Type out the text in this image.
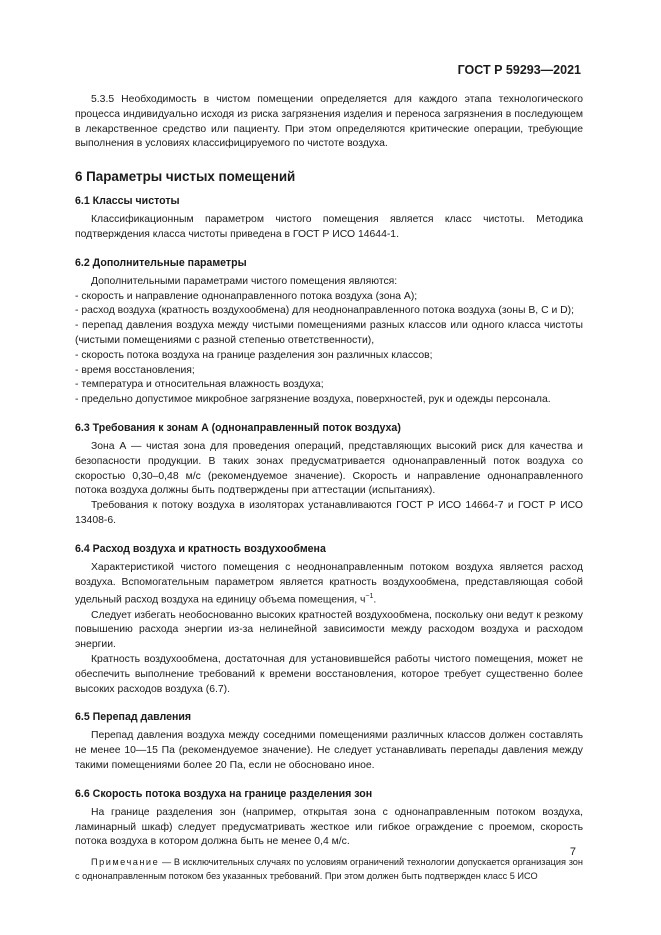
ГОСТ Р 59293—2021

5.3.5 Необходимость в чистом помещении определяется для каждого этапа технологического процесса индивидуально исходя из риска загрязнения изделия и переноса загрязнения в последующем в лекарственное средство или пациенту. При этом определяются критические операции, требующие выполнения в условиях классифицируемого по чистоте воздуха.

6 Параметры чистых помещений
6.1 Классы чистоты

Классификационным параметром чистого помещения является класс чистоты. Методика подтверждения класса чистоты приведена в ГОСТ Р ИСО 14644-1.

6.2 Дополнительные параметры

Дополнительными параметрами чистого помещения являются:

- скорость и направление однонаправленного потока воздуха (зона А);
- расход воздуха (кратность воздухообмена) для неоднонаправленного потока воздуха (зоны В, С и D);
- перепад давления воздуха между чистыми помещениями разных классов или одного класса чистоты (чистыми помещениями с разной степенью ответственности),
- скорость потока воздуха на границе разделения зон различных классов;
- время восстановления;
- температура и относительная влажность воздуха;
- предельно допустимое микробное загрязнение воздуха, поверхностей, рук и одежды персонала.
6.3 Требования к зонам А (однонаправленный поток воздуха)

Зона А — чистая зона для проведения операций, представляющих высокий риск для качества и безопасности продукции. В таких зонах предусматривается однонаправленный поток воздуха со скоростью 0,30–0,48 м/с (рекомендуемое значение). Скорость и направление однонаправленного потока воздуха должны быть подтверждены при аттестации (испытаниях).

Требования к потоку воздуха в изоляторах устанавливаются ГОСТ Р ИСО 14664-7 и ГОСТ Р ИСО 13408-6.

6.4 Расход воздуха и кратность воздухообмена

Характеристикой чистого помещения с неоднонаправленным потоком воздуха является расход воздуха. Вспомогательным параметром является кратность воздухообмена, представляющая собой удельный расход воздуха на единицу объема помещения, $ч^{-1}$.

Следует избегать необоснованно высоких кратностей воздухообмена, поскольку они ведут к резкому повышению расхода энергии из-за нелинейной зависимости между расходом воздуха и расходом энергии.

Кратность воздухообмена, достаточная для установившейся работы чистого помещения, может не обеспечить выполнение требований к времени восстановления, которое требует существенно более высоких расходов воздуха (6.7).

6.5 Перепад давления

Перепад давления воздуха между соседними помещениями различных классов должен составлять не менее 10—15 Па (рекомендуемое значение). Не следует устанавливать перепады давления между такими помещениями более 20 Па, если не обосновано иное.

6.6 Скорость потока воздуха на границе разделения зон

На границе разделения зон (например, открытая зона с однонаправленным потоком воздуха, ламинарный шкаф) следует предусматривать жесткое или гибкое ограждение с проемом, скорость потока воздуха в котором должна быть не менее 0,4 м/с.

Примечание — В исключительных случаях по условиям ограничений технологии допускается организация зон с однонаправленным потоком без указанных требований. При этом должен быть подтвержден класс 5 ИСО

7
